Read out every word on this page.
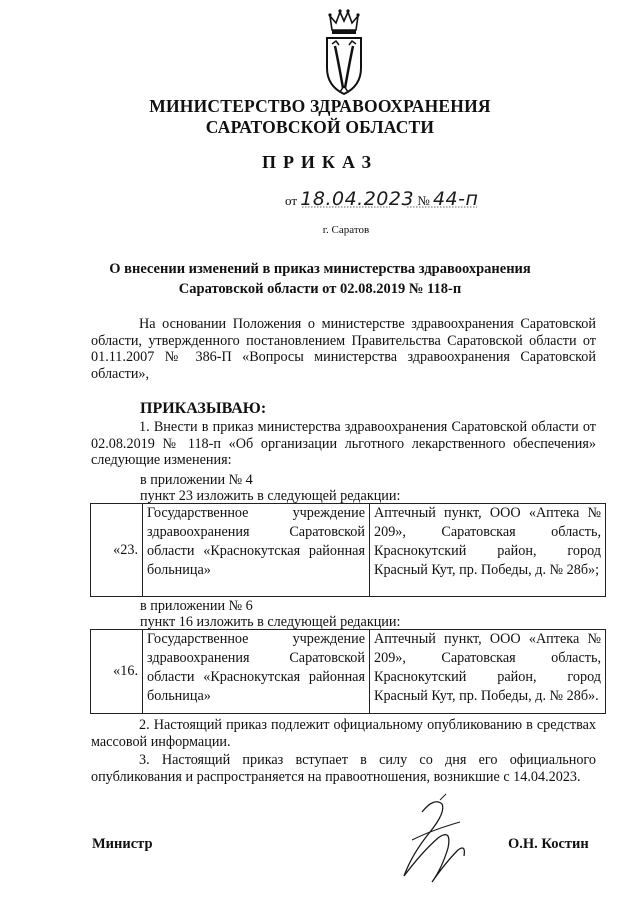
МИНИСТЕРСТВО ЗДРАВООХРАНЕНИЯ
САРАТОВСКОЙ ОБЛАСТИ
ПРИКАЗ
от 18.04.2023 № 44-п
г. Саратов
О внесении изменений в приказ министерства здравоохранения
Саратовской области от 02.08.2019 № 118-п
На основании Положения о министерстве здравоохранения Саратовской области, утвержденного постановлением Правительства Саратовской области от 01.11.2007 № 386-П «Вопросы министерства здравоохранения Саратовской области»,
ПРИКАЗЫВАЮ:
1. Внести в приказ министерства здравоохранения Саратовской области от 02.08.2019 № 118-п «Об организации льготного лекарственного обеспечения» следующие изменения:
в приложении № 4
пункт 23 изложить в следующей редакции:
«23.	Государственное учреждение здравоохранения Саратовской области «Краснокутская районная больница»	Аптечный пункт, ООО «Аптека № 209», Саратовская область, Краснокутский район, город Красный Кут, пр. Победы, д. № 28б»;
в приложении № 6
пункт 16 изложить в следующей редакции:
«16.	Государственное учреждение здравоохранения Саратовской области «Краснокутская районная больница»	Аптечный пункт, ООО «Аптека № 209», Саратовская область, Краснокутский район, город Красный Кут, пр. Победы, д. № 28б».
2. Настоящий приказ подлежит официальному опубликованию в средствах массовой информации.
3. Настоящий приказ вступает в силу со дня его официального опубликования и распространяется на правоотношения, возникшие с 14.04.2023.
Министр	О.Н. Костин
